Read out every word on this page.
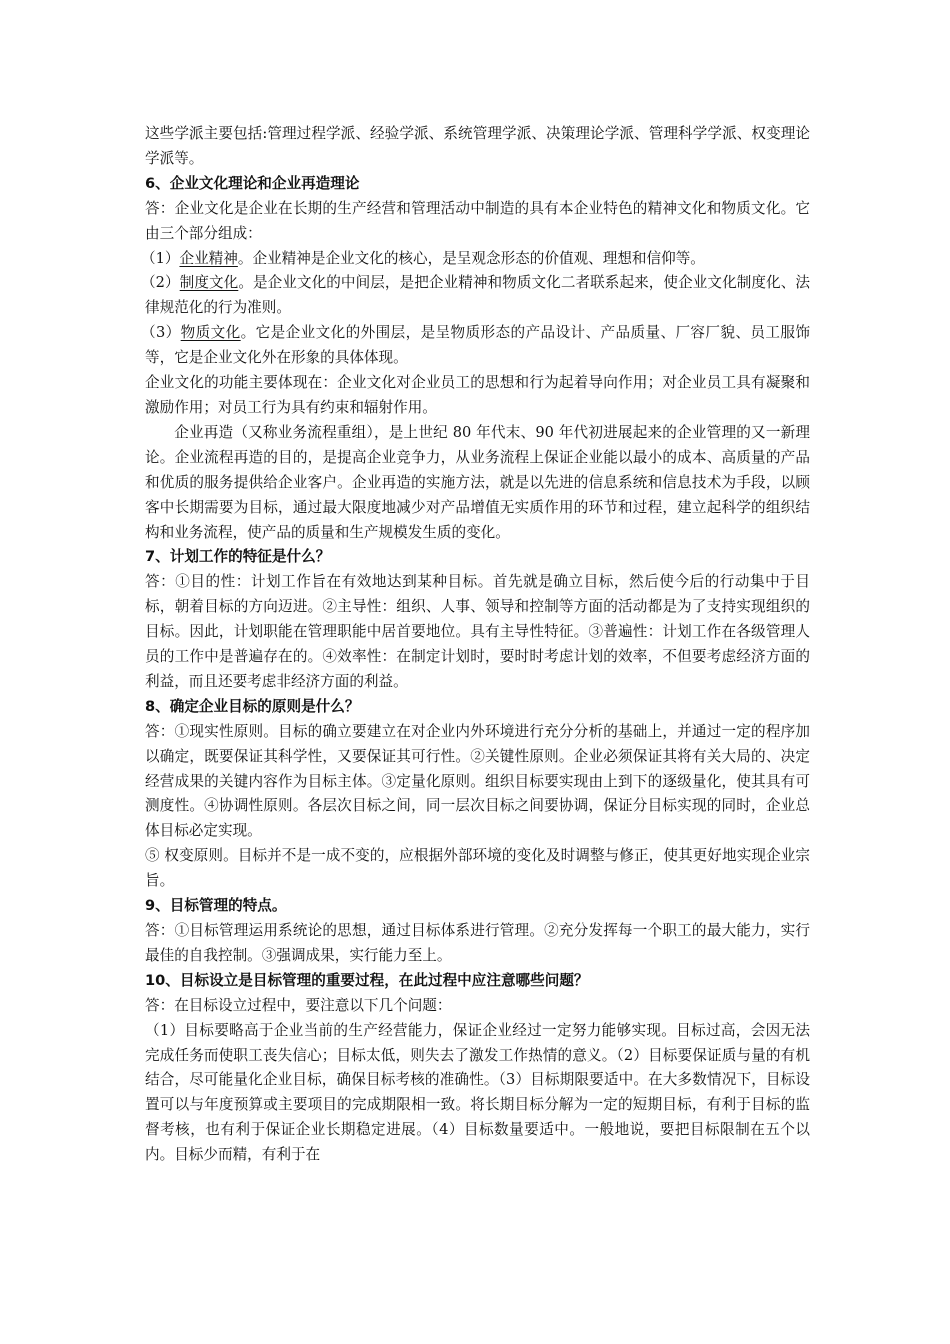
这些学派主要包括:管理过程学派、经验学派、系统管理学派、决策理论学派、管理科学学派、权变理论学派等。

6、企业文化理论和企业再造理论

答：企业文化是企业在长期的生产经营和管理活动中制造的具有本企业特色的精神文化和物质文化。它由三个部分组成：

（1）企业精神。企业精神是企业文化的核心，是呈观念形态的价值观、理想和信仰等。

（2）制度文化。是企业文化的中间层，是把企业精神和物质文化二者联系起来，使企业文化制度化、法律规范化的行为准则。

（3）物质文化。它是企业文化的外围层，是呈物质形态的产品设计、产品质量、厂容厂貌、员工服饰等，它是企业文化外在形象的具体体现。

企业文化的功能主要体现在：企业文化对企业员工的思想和行为起着导向作用；对企业员工具有凝聚和激励作用；对员工行为具有约束和辐射作用。

企业再造（又称业务流程重组），是上世纪 80 年代末、90 年代初进展起来的企业管理的又一新理论。企业流程再造的目的，是提高企业竞争力，从业务流程上保证企业能以最小的成本、高质量的产品和优质的服务提供给企业客户。企业再造的实施方法，就是以先进的信息系统和信息技术为手段，以顾客中长期需要为目标，通过最大限度地减少对产品增值无实质作用的环节和过程，建立起科学的组织结构和业务流程，使产品的质量和生产规模发生质的变化。

7、计划工作的特征是什么？

答：①目的性：计划工作旨在有效地达到某种目标。首先就是确立目标，然后使今后的行动集中于目标，朝着目标的方向迈进。②主导性：组织、人事、领导和控制等方面的活动都是为了支持实现组织的目标。因此，计划职能在管理职能中居首要地位。具有主导性特征。③普遍性：计划工作在各级管理人员的工作中是普遍存在的。④效率性：在制定计划时，要时时考虑计划的效率，不但要考虑经济方面的利益，而且还要考虑非经济方面的利益。

8、确定企业目标的原则是什么？

答：①现实性原则。目标的确立要建立在对企业内外环境进行充分分析的基础上，并通过一定的程序加以确定，既要保证其科学性，又要保证其可行性。②关键性原则。企业必须保证其将有关大局的、决定经营成果的关键内容作为目标主体。③定量化原则。组织目标要实现由上到下的逐级量化，使其具有可测度性。④协调性原则。各层次目标之间，同一层次目标之间要协调，保证分目标实现的同时，企业总体目标必定实现。

⑤ 权变原则。目标并不是一成不变的，应根据外部环境的变化及时调整与修正，使其更好地实现企业宗旨。

9、目标管理的特点。

答：①目标管理运用系统论的思想，通过目标体系进行管理。②充分发挥每一个职工的最大能力，实行最佳的自我控制。③强调成果，实行能力至上。

10、目标设立是目标管理的重要过程，在此过程中应注意哪些问题？

答：在目标设立过程中，要注意以下几个问题：

（1）目标要略高于企业当前的生产经营能力，保证企业经过一定努力能够实现。目标过高，会因无法完成任务而使职工丧失信心；目标太低，则失去了激发工作热情的意义。（2）目标要保证质与量的有机结合，尽可能量化企业目标，确保目标考核的准确性。（3）目标期限要适中。在大多数情况下，目标设置可以与年度预算或主要项目的完成期限相一致。将长期目标分解为一定的短期目标，有利于目标的监督考核，也有利于保证企业长期稳定进展。（4）目标数量要适中。一般地说，要把目标限制在五个以内。目标少而精，有利于在
